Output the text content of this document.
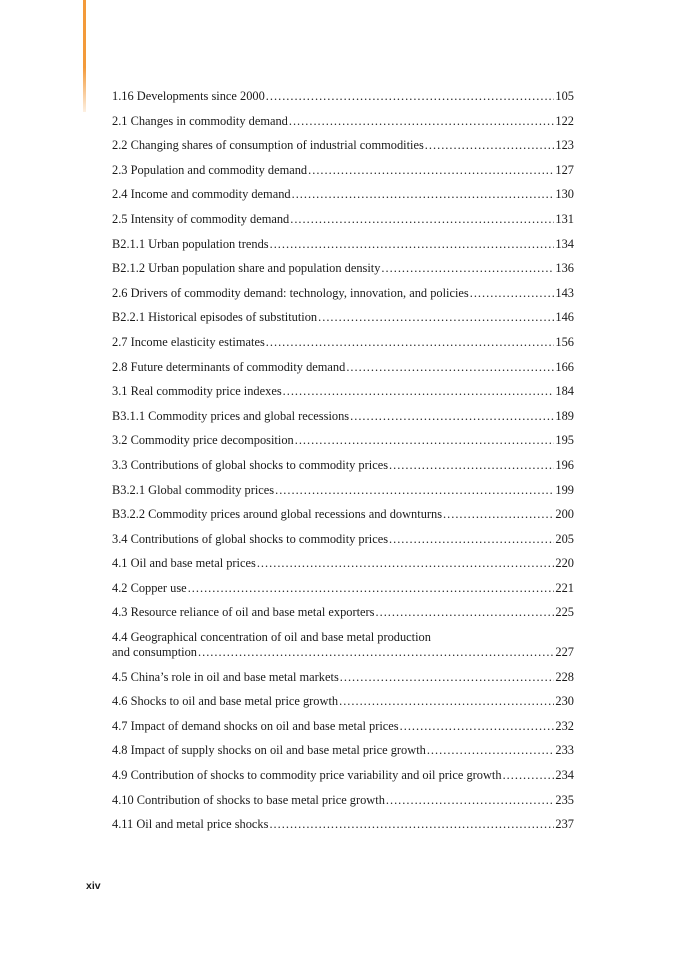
1.16 Developments since 2000 .....	105
2.1 Changes in commodity demand .....	122
2.2 Changing shares of consumption of industrial commodities .....	123
2.3 Population and commodity demand .....	127
2.4 Income and commodity demand .....	130
2.5 Intensity of commodity demand .....	131
B2.1.1 Urban population trends .....	134
B2.1.2 Urban population share and population density .....	136
2.6 Drivers of commodity demand: technology, innovation, and policies .....	143
B2.2.1 Historical episodes of substitution .....	146
2.7 Income elasticity estimates .....	156
2.8 Future determinants of commodity demand .....	166
3.1 Real commodity price indexes .....	184
B3.1.1 Commodity prices and global recessions .....	189
3.2 Commodity price decomposition .....	195
3.3 Contributions of global shocks to commodity prices .....	196
B3.2.1 Global commodity prices .....	199
B3.2.2 Commodity prices around global recessions and downturns .....	200
3.4 Contributions of global shocks to commodity prices .....	205
4.1 Oil and base metal prices .....	220
4.2 Copper use .....	221
4.3 Resource reliance of oil and base metal exporters .....	225
4.4 Geographical concentration of oil and base metal production
and consumption .....	227
4.5 China’s role in oil and base metal markets .....	228
4.6 Shocks to oil and base metal price growth .....	230
4.7 Impact of demand shocks on oil and base metal prices .....	232
4.8 Impact of supply shocks on oil and base metal price growth .....	233
4.9 Contribution of shocks to commodity price variability and oil price growth .....	234
4.10 Contribution of shocks to base metal price growth .....	235
4.11 Oil and metal price shocks .....	237
xiv
